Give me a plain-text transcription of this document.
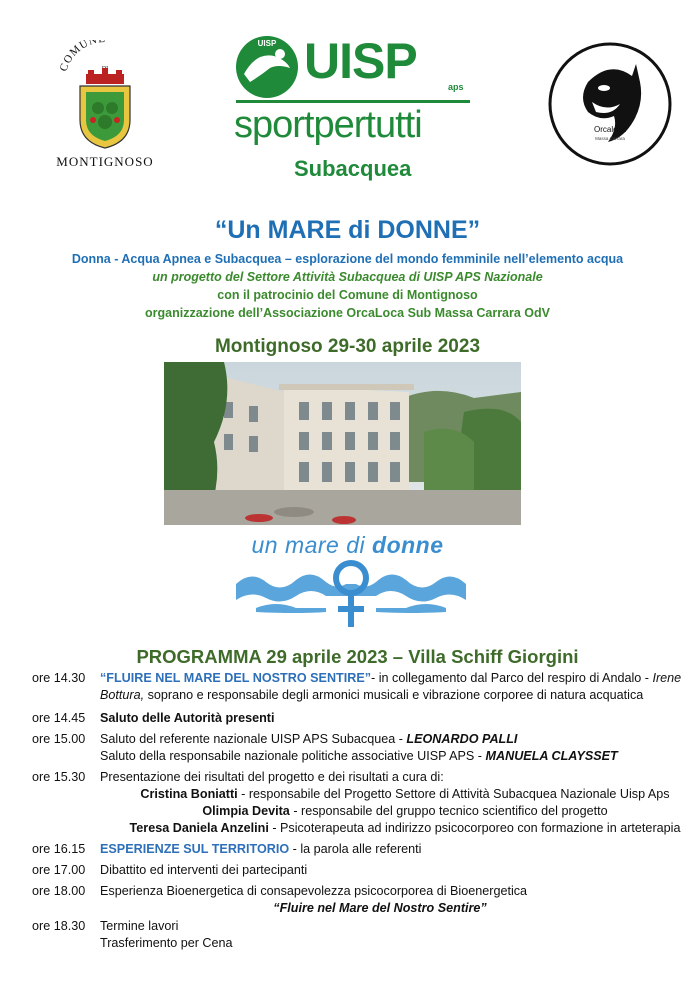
COMUN
MONTIGNOSO
UISP UISP	aps
sportpertutti
Subacquea
Orcaloca
Massa Carrara
“Un MARE di DONNE”
Donna - Acqua Apnea e Subacquea – esplorazione del mondo femminile nell’elemento acqua
un progetto del Settore Attività Subacquea di UISP APS Nazionale
con il patrocinio del Comune di Montignoso
organizzazione dell’Associazione OrcaLoca Sub Massa Carrara OdV
Montignoso 29-30 aprile 2023
un mare di donne
PROGRAMMA 29 aprile 2023 – Villa Schiff Giorgini
ore 14.30	“FLUIRE NEL MARE DEL NOSTRO SENTIRE”- in collegamento dal Parco del respiro di Andalo - Irene
Bottura, soprano e responsabile degli armonici musicali e vibrazione corporee di natura acquatica
ore 14.45	Saluto delle Autorità presenti
ore 15.00	Saluto del referente nazionale UISP APS Subacquea - LEONARDO PALLI
Saluto della responsabile nazionale politiche associative UISP APS - MANUELA CLAYSSET
ore 15.30	Presentazione dei risultati del progetto e dei risultati a cura di:
Cristina Boniatti - responsabile del Progetto Settore di Attività Subacquea Nazionale Uisp Aps
Olimpia Devita - responsabile del gruppo tecnico scientifico del progetto
Teresa Daniela Anzelini - Psicoterapeuta ad indirizzo psicocorporeo con formazione in arteterapia
ore 16.15	ESPERIENZE SUL TERRITORIO - la parola alle referenti
ore 17.00	Dibattito ed interventi dei partecipanti
ore 18.00	Esperienza Bioenergetica di consapevolezza psicocorporea di Bioenergetica
“Fluire nel Mare del Nostro Sentire”
ore 18.30	Termine lavori
Trasferimento per Cena
